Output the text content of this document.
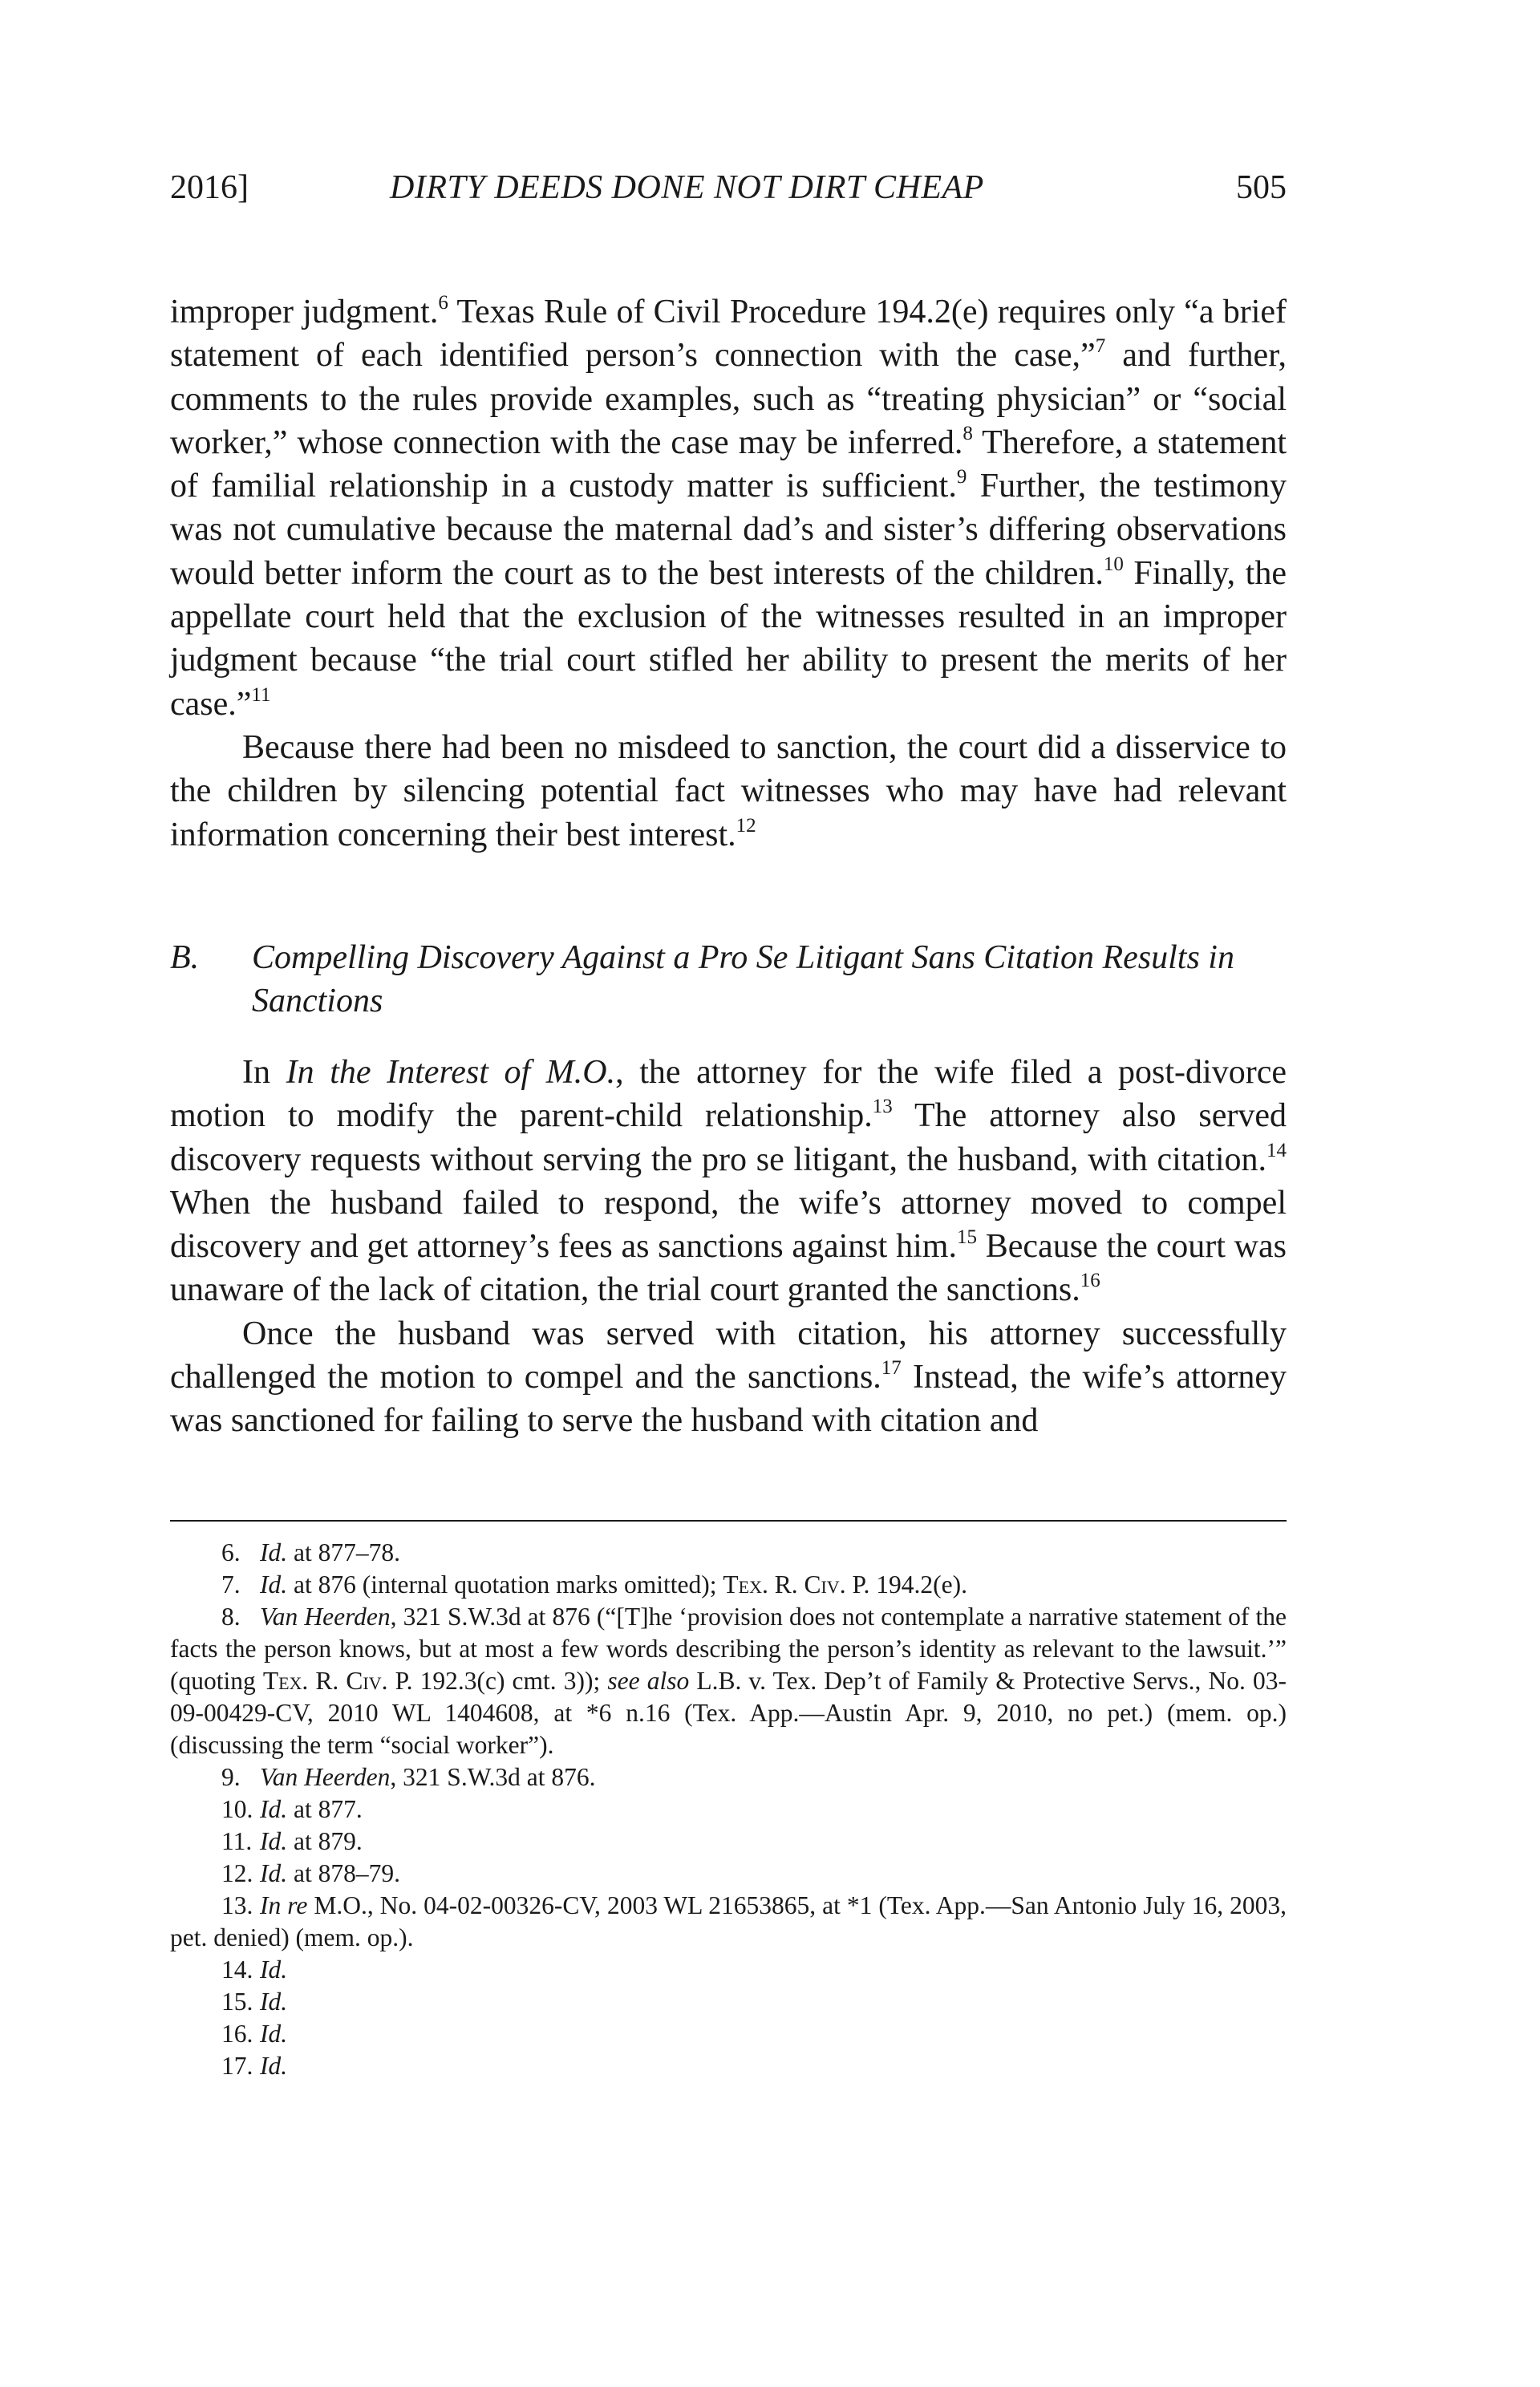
2016]	DIRTY DEEDS DONE NOT DIRT CHEAP	505

improper judgment.$^6$ Texas Rule of Civil Procedure 194.2(e) requires only “a brief statement of each identified person’s connection with the case,”$^7$ and further, comments to the rules provide examples, such as “treating physician” or “social worker,” whose connection with the case may be inferred.$^8$ Therefore, a statement of familial relationship in a custody matter is sufficient.$^9$ Further, the testimony was not cumulative because the maternal dad’s and sister’s differing observations would better inform the court as to the best interests of the children.$^{10}$ Finally, the appellate court held that the exclusion of the witnesses resulted in an improper judgment because “the trial court stifled her ability to present the merits of her case.”$^{11}$

Because there had been no misdeed to sanction, the court did a disservice to the children by silencing potential fact witnesses who may have had relevant information concerning their best interest.$^{12}$

B.	Compelling Discovery Against a Pro Se Litigant Sans Citation Results in Sanctions

In In the Interest of M.O., the attorney for the wife filed a post-divorce motion to modify the parent-child relationship.$^{13}$ The attorney also served discovery requests without serving the pro se litigant, the husband, with citation.$^{14}$ When the husband failed to respond, the wife’s attorney moved to compel discovery and get attorney’s fees as sanctions against him.$^{15}$ Because the court was unaware of the lack of citation, the trial court granted the sanctions.$^{16}$

Once the husband was served with citation, his attorney successfully challenged the motion to compel and the sanctions.$^{17}$ Instead, the wife’s attorney was sanctioned for failing to serve the husband with citation and

6. Id. at 877–78.

7. Id. at 876 (internal quotation marks omitted); Tex. R. Civ. P. 194.2(e).

8. Van Heerden, 321 S.W.3d at 876 (“[T]he ‘provision does not contemplate a narrative statement of the facts the person knows, but at most a few words describing the person’s identity as relevant to the lawsuit.’” (quoting Tex. R. Civ. P. 192.3(c) cmt. 3)); see also L.B. v. Tex. Dep’t of Family & Protective Servs., No. 03-09-00429-CV, 2010 WL 1404608, at *6 n.16 (Tex. App.—Austin Apr. 9, 2010, no pet.) (mem. op.) (discussing the term “social worker”).

9. Van Heerden, 321 S.W.3d at 876.

10. Id. at 877.

11. Id. at 879.

12. Id. at 878–79.

13. In re M.O., No. 04-02-00326-CV, 2003 WL 21653865, at *1 (Tex. App.—San Antonio July 16, 2003, pet. denied) (mem. op.).

14. Id.

15. Id.

16. Id.

17. Id.
